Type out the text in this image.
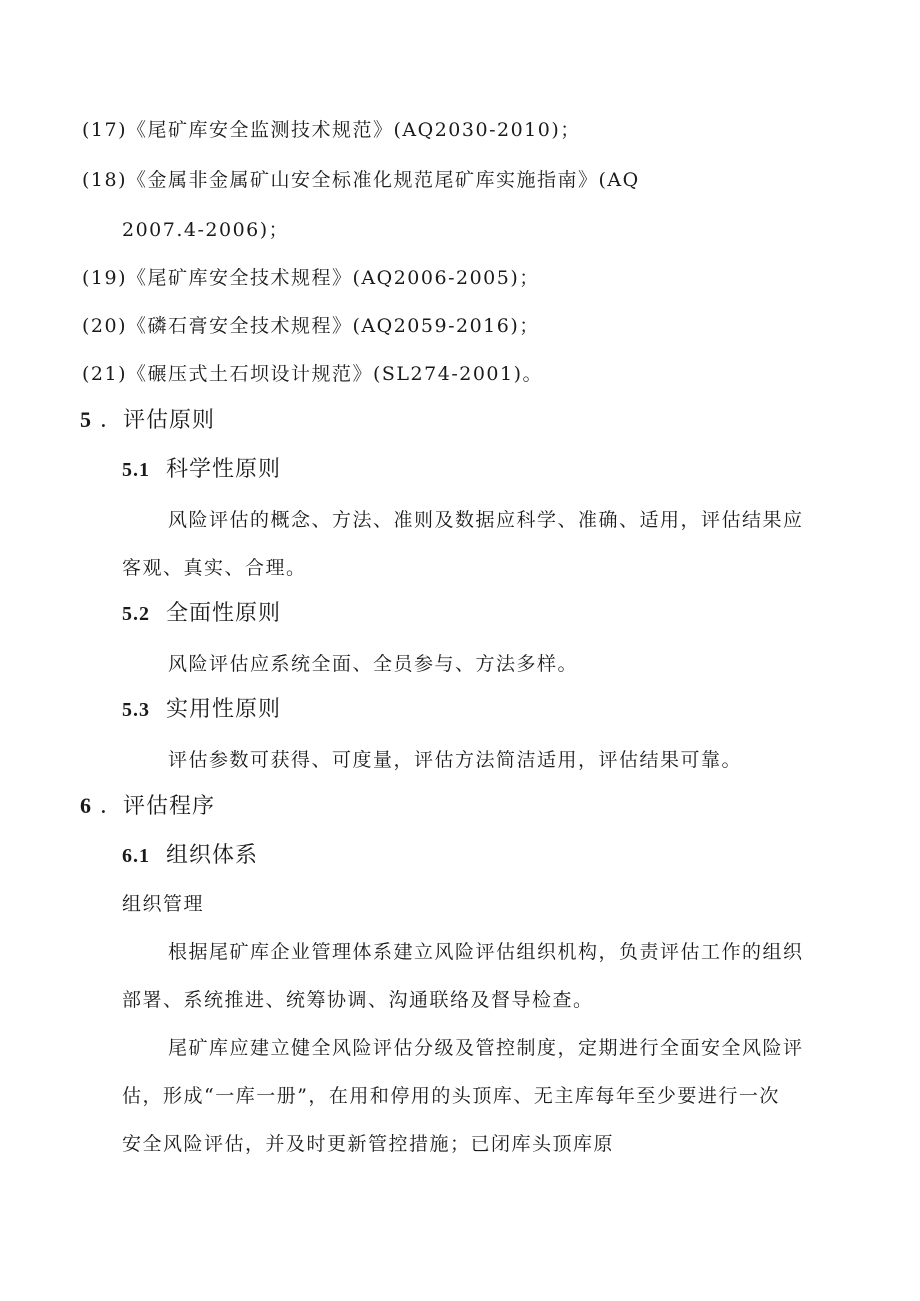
(17)《尾矿库安全监测技术规范》(AQ2030-2010)；
(18)《金属非金属矿山安全标准化规范尾矿库实施指南》(AQ
2007.4-2006)；
(19)《尾矿库安全技术规程》(AQ2006-2005)；
(20)《磷石膏安全技术规程》(AQ2059-2016)；
(21)《碾压式土石坝设计规范》(SL274-2001)。
5 ．评估原则
5.1 科学性原则
风险评估的概念、方法、准则及数据应科学、准确、适用，评估结果应
客观、真实、合理。
5.2 全面性原则
风险评估应系统全面、全员参与、方法多样。
5.3 实用性原则
评估参数可获得、可度量，评估方法简洁适用，评估结果可靠。
6 ．评估程序
6.1 组织体系
组织管理
根据尾矿库企业管理体系建立风险评估组织机构，负责评估工作的组织
部署、系统推进、统筹协调、沟通联络及督导检查。
尾矿库应建立健全风险评估分级及管控制度，定期进行全面安全风险评
估，形成“一库一册”，在用和停用的头顶库、无主库每年至少要进行一次
安全风险评估，并及时更新管控措施；已闭库头顶库原
